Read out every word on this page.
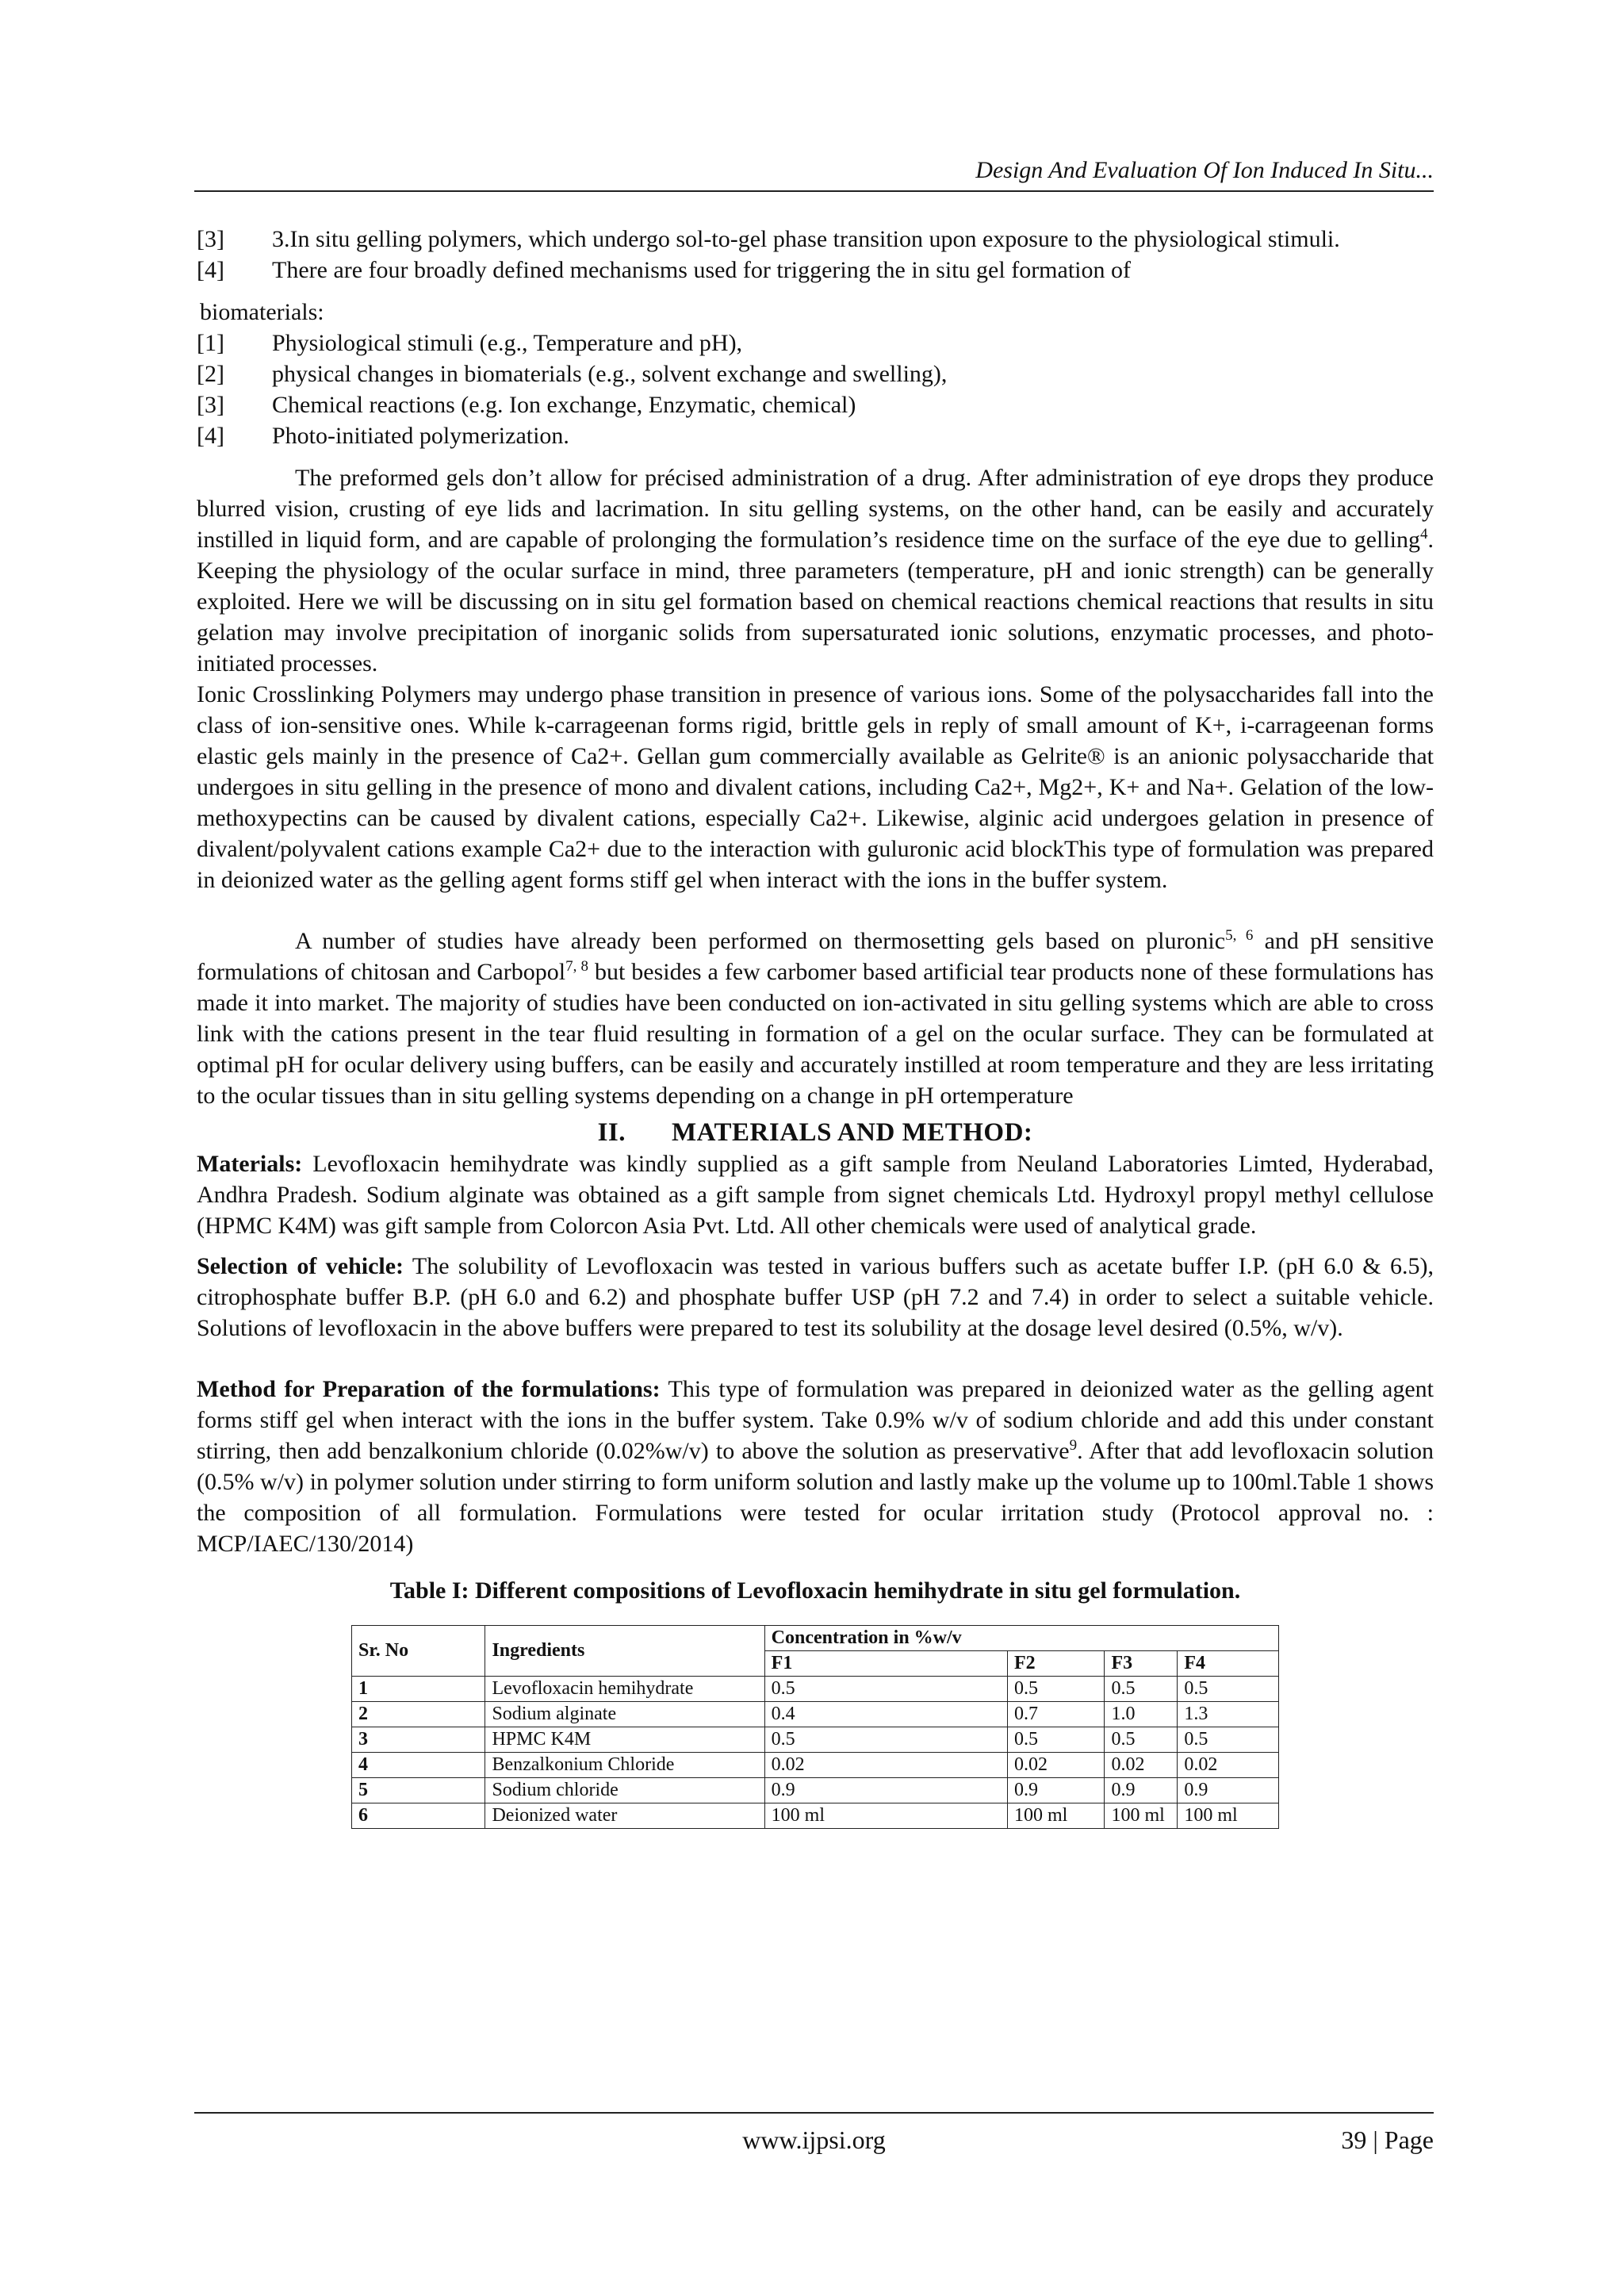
Design And Evaluation Of Ion Induced In Situ...
[3]	3.In situ gelling polymers, which undergo sol-to-gel phase transition upon exposure to the physiological stimuli.
[4]	There are four broadly defined mechanisms used for triggering the in situ gel formation of
biomaterials:
[1]	Physiological stimuli (e.g., Temperature and pH),
[2]	physical changes in biomaterials (e.g., solvent exchange and swelling),
[3]	Chemical reactions (e.g. Ion exchange, Enzymatic, chemical)
[4]	Photo-initiated polymerization.

The preformed gels don’t allow for précised administration of a drug. After administration of eye drops they produce blurred vision, crusting of eye lids and lacrimation. In situ gelling systems, on the other hand, can be easily and accurately instilled in liquid form, and are capable of prolonging the formulation’s residence time on the surface of the eye due to gelling$^4$. Keeping the physiology of the ocular surface in mind, three parameters (temperature, pH and ionic strength) can be generally exploited. Here we will be discussing on in situ gel formation based on chemical reactions chemical reactions that results in situ gelation may involve precipitation of inorganic solids from supersaturated ionic solutions, enzymatic processes, and photo-initiated processes.

Ionic Crosslinking Polymers may undergo phase transition in presence of various ions. Some of the polysaccharides fall into the class of ion-sensitive ones. While k-carrageenan forms rigid, brittle gels in reply of small amount of K+, i-carrageenan forms elastic gels mainly in the presence of Ca2+. Gellan gum commercially available as Gelrite® is an anionic polysaccharide that undergoes in situ gelling in the presence of mono and divalent cations, including Ca2+, Mg2+, K+ and Na+. Gelation of the low-methoxypectins can be caused by divalent cations, especially Ca2+. Likewise, alginic acid undergoes gelation in presence of divalent/polyvalent cations example Ca2+ due to the interaction with guluronic acid blockThis type of formulation was prepared in deionized water as the gelling agent forms stiff gel when interact with the ions in the buffer system.

A number of studies have already been performed on thermosetting gels based on pluronic$^{5, 6}$ and pH sensitive formulations of chitosan and Carbopol$^{7, 8}$ but besides a few carbomer based artificial tear products none of these formulations has made it into market. The majority of studies have been conducted on ion-activated in situ gelling systems which are able to cross link with the cations present in the tear fluid resulting in formation of a gel on the ocular surface. They can be formulated at optimal pH for ocular delivery using buffers, can be easily and accurately instilled at room temperature and they are less irritating to the ocular tissues than in situ gelling systems depending on a change in pH ortemperature

II. MATERIALS AND METHOD:

Materials: Levofloxacin hemihydrate was kindly supplied as a gift sample from Neuland Laboratories Limted, Hyderabad, Andhra Pradesh. Sodium alginate was obtained as a gift sample from signet chemicals Ltd. Hydroxyl propyl methyl cellulose (HPMC K4M) was gift sample from Colorcon Asia Pvt. Ltd. All other chemicals were used of analytical grade.

Selection of vehicle: The solubility of Levofloxacin was tested in various buffers such as acetate buffer I.P. (pH 6.0 & 6.5), citrophosphate buffer B.P. (pH 6.0 and 6.2) and phosphate buffer USP (pH 7.2 and 7.4) in order to select a suitable vehicle. Solutions of levofloxacin in the above buffers were prepared to test its solubility at the dosage level desired (0.5%, w/v).

Method for Preparation of the formulations: This type of formulation was prepared in deionized water as the gelling agent forms stiff gel when interact with the ions in the buffer system. Take 0.9% w/v of sodium chloride and add this under constant stirring, then add benzalkonium chloride (0.02%w/v) to above the solution as preservative$^9$. After that add levofloxacin solution (0.5% w/v) in polymer solution under stirring to form uniform solution and lastly make up the volume up to 100ml.Table 1 shows the composition of all formulation. Formulations were tested for ocular irritation study (Protocol approval no. : MCP/IAEC/130/2014)

Table I: Different compositions of Levofloxacin hemihydrate in situ gel formulation.
Sr. No	Ingredients	Concentration in %w/v			
		F1	F2	F3	F4
1	Levofloxacin hemihydrate	0.5	0.5	0.5	0.5
2	Sodium alginate	0.4	0.7	1.0	1.3
3	HPMC K4M	0.5	0.5	0.5	0.5
4	Benzalkonium Chloride	0.02	0.02	0.02	0.02
5	Sodium chloride	0.9	0.9	0.9	0.9
6	Deionized water	100 ml	100 ml	100 ml	100 ml
www.ijpsi.org	39 | Page
